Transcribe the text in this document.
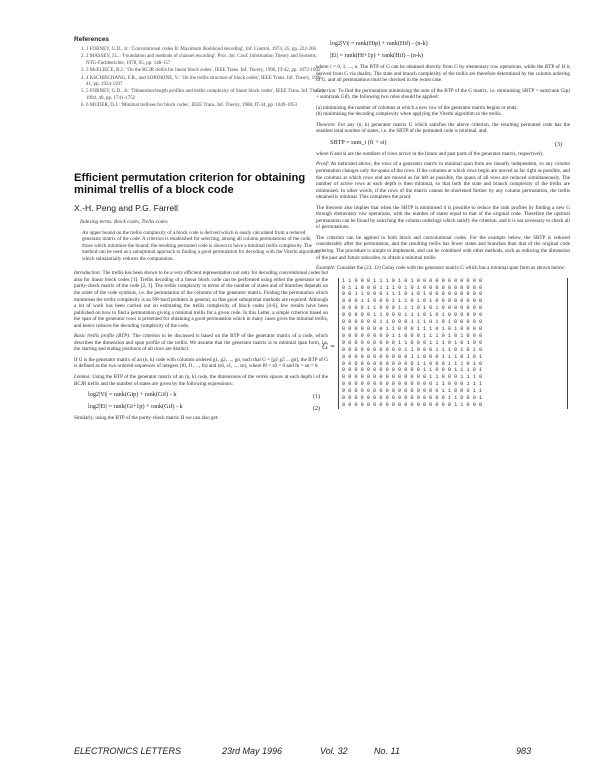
References

1. 1 FORNEY, G.D., Jr.: 'Convolutional codes II: Maximum likelihood decoding', Inf. Control, 1974, 25, pp. 222-266
2. 2 MASSEY, J.L.: 'Foundation and methods of channel encoding'. Proc. Int. Conf. Information Theory and Systems, NTG-Fachberichte, 1978, 65, pp. 148-157
3. 3 McELIECE, R.J.: 'On the BCJR trellis for linear block codes', IEEE Trans. Inf. Theory, 1996, IT-42, pp. 1072-1092
4. 4 KSCHISCHANG, F.R., and SOROKINE, V.: 'On the trellis structure of block codes', IEEE Trans. Inf. Theory, 1995, 41, pp. 1924-1937
5. 5 FORNEY, G.D., Jr.: 'Dimension/length profiles and trellis complexity of linear block codes', IEEE Trans. Inf. Theory, 1994, 40, pp. 1741-1752
6. 6 MUDER, D.J.: 'Minimal trellises for block codes', IEEE Trans. Inf. Theory, 1988, IT-34, pp. 1049-1053
Efficient permutation criterion for obtaining minimal trellis of a block code
X.-H. Peng and P.G. Farrell
Indexing terms: Block codes, Trellis codes
An upper bound on the trellis complexity of a block code is derived which is easily calculated from a reduced generator matrix of the code. A criterion is established for selecting, among all column permutations of the code, those which minimise the bound; the resulting permuted code is shown to have a minimal trellis complexity. The method can be used as a suboptimal approach to finding a good permutation for decoding with the Viterbi algorithm, which substantially reduces the computation.

Introduction: The trellis has been shown to be a very efficient representation not only for decoding convolutional codes but also for linear block codes [1]. Trellis decoding of a linear block code can be performed using either the generator or the parity-check matrix of the code [2, 3]. The trellis complexity in terms of the number of states and of branches depends on the order of the code symbols, i.e. the permutation of the columns of the generator matrix. Finding the permutation which minimises the trellis complexity is an NP-hard problem in general, so that good suboptimal methods are required. Although a lot of work has been carried out on estimating the trellis complexity of block codes [4-6], few results have been published on how to find a permutation giving a minimal trellis for a given code. In this Letter, a simple criterion based on the span of the generator rows is presented for obtaining a good permutation which in many cases gives the minimal trellis, and hence reduces the decoding complexity of the code.

Basic trellis profile (BTP): The criterion to be discussed is based on the BTP of the generator matrix of a code, which describes the dimension and span profile of the trellis. We assume that the generator matrix is in minimal span form, i.e. the starting and ending positions of all rows are distinct.

If G is the generator matrix of an (n, k) code with columns ordered g1, g2, ..., gn, such that G = [g1 g2 ... gn], the BTP of G is defined as the two ordered sequences of integers (f0, f1, ..., fn) and (s0, s1, ..., sn), where f0 = s0 = 0 and fn = sn = 0.

Lemma: Using the BTP of the generator matrix of an (n, k) code, the dimensions of the vertex spaces at each depth i of the BCJR trellis and the number of states are given by the following expressions:

log2|Vi| = rank(Gip) + rank(Gif) - k	(1)
log2|Ei| = rank(Gi+1p) + rank(Gif) - k	(2)

Similarly, using the BTP of the parity-check matrix H we can also get:

log2|Vi| = rank(Hip) + rank(Hif) - (n-k)
|Ei| = rank(Hi+1p) + rank(Hif) - (n-k)

where i = 0, 1, ..., n. The BTP of G can be obtained directly from G by elementary row operations, while the BTP of H is derived from G via duality. The state and branch complexity of the trellis are therefore determined by the column ordering of G, and all permutations must be checked in the worst case.

Criterion: To find the permutation minimising the sum of the BTP of the G matrix, i.e. minimising SBTP = sum(rank Gip) + sum(rank Gif), the following two rules should be applied:

(a) minimising the number of columns at which a new row of the generator matrix begins or ends;

(b) minimising the decoding complexity when applying the Viterbi algorithm to the trellis.

Theorem: For any (n, k) generator matrix G which satisfies the above criterion, the resulting permuted code has the smallest total number of states, i.e. the SBTP of the permuted code is minimal, and:

SBTP = sum_i (fi + si)	(3)

where fi and si are the numbers of rows active in the future and past parts of the generator matrix, respectively.

Proof: As indicated above, the rows of a generator matrix in minimal span form are linearly independent, so any column permutation changes only the spans of the rows. If the columns at which rows begin are moved as far right as possible, and the columns at which rows end are moved as far left as possible, the spans of all rows are reduced simultaneously. The number of active rows at each depth is then minimal, so that both the state and branch complexity of the trellis are minimised. In other words, if the rows of the matrix cannot be shortened further by any column permutation, the trellis obtained is minimal. This completes the proof.

The theorem also implies that when the SBTP is minimised it is possible to reduce the rank profiles by finding a new G through elementary row operations, with the number of states equal to that of the original code. Therefore the optimal permutation can be found by searching the column orderings which satisfy the criterion, and it is not necessary to check all n! permutations.

The criterion can be applied to both block and convolutional codes. For the example below, the SBTP is reduced considerably after the permutation, and the resulting trellis has fewer states and branches than that of the original code ordering. The procedure is simple to implement, and can be combined with other methods, such as reducing the dimension of the past and future subcodes, to obtain a minimal trellis.

Example: Consider the (23, 12) Golay code with the generator matrix G which has a minimal span form as shown below:

G =
1 1 0 0 0 1 1 1 0 1 0 1 0 0 0 0 0 0 0 0 0 0 0
0 1 1 0 0 0 1 1 1 0 1 0 1 0 0 0 0 0 0 0 0 0 0
0 0 1 1 0 0 0 1 1 1 0 1 0 1 0 0 0 0 0 0 0 0 0
0 0 0 1 1 0 0 0 1 1 1 0 1 0 1 0 0 0 0 0 0 0 0
0 0 0 0 1 1 0 0 0 1 1 1 0 1 0 1 0 0 0 0 0 0 0
0 0 0 0 0 1 1 0 0 0 1 1 1 0 1 0 1 0 0 0 0 0 0
0 0 0 0 0 0 1 1 0 0 0 1 1 1 0 1 0 1 0 0 0 0 0
0 0 0 0 0 0 0 1 1 0 0 0 1 1 1 0 1 0 1 0 0 0 0
0 0 0 0 0 0 0 0 1 1 0 0 0 1 1 1 0 1 0 1 0 0 0
0 0 0 0 0 0 0 0 0 1 1 0 0 0 1 1 1 0 1 0 1 0 0
0 0 0 0 0 0 0 0 0 0 1 1 0 0 0 1 1 1 0 1 0 1 0
0 0 0 0 0 0 0 0 0 0 0 1 1 0 0 0 1 1 1 0 1 0 1
0 0 0 0 0 0 0 0 0 0 0 0 1 1 0 0 0 1 1 1 0 1 0
0 0 0 0 0 0 0 0 0 0 0 0 0 1 1 0 0 0 1 1 1 0 1
0 0 0 0 0 0 0 0 0 0 0 0 0 0 1 1 0 0 0 1 1 1 0
0 0 0 0 0 0 0 0 0 0 0 0 0 0 0 1 1 0 0 0 1 1 1
0 0 0 0 0 0 0 0 0 0 0 0 0 0 0 0 1 1 0 0 0 1 1
0 0 0 0 0 0 0 0 0 0 0 0 0 0 0 0 0 1 1 0 0 0 1
0 0 0 0 0 0 0 0 0 0 0 0 0 0 0 0 0 0 1 1 0 0 0
ELECTRONICS LETTERS	23rd May 1996	Vol. 32	No. 11	983
